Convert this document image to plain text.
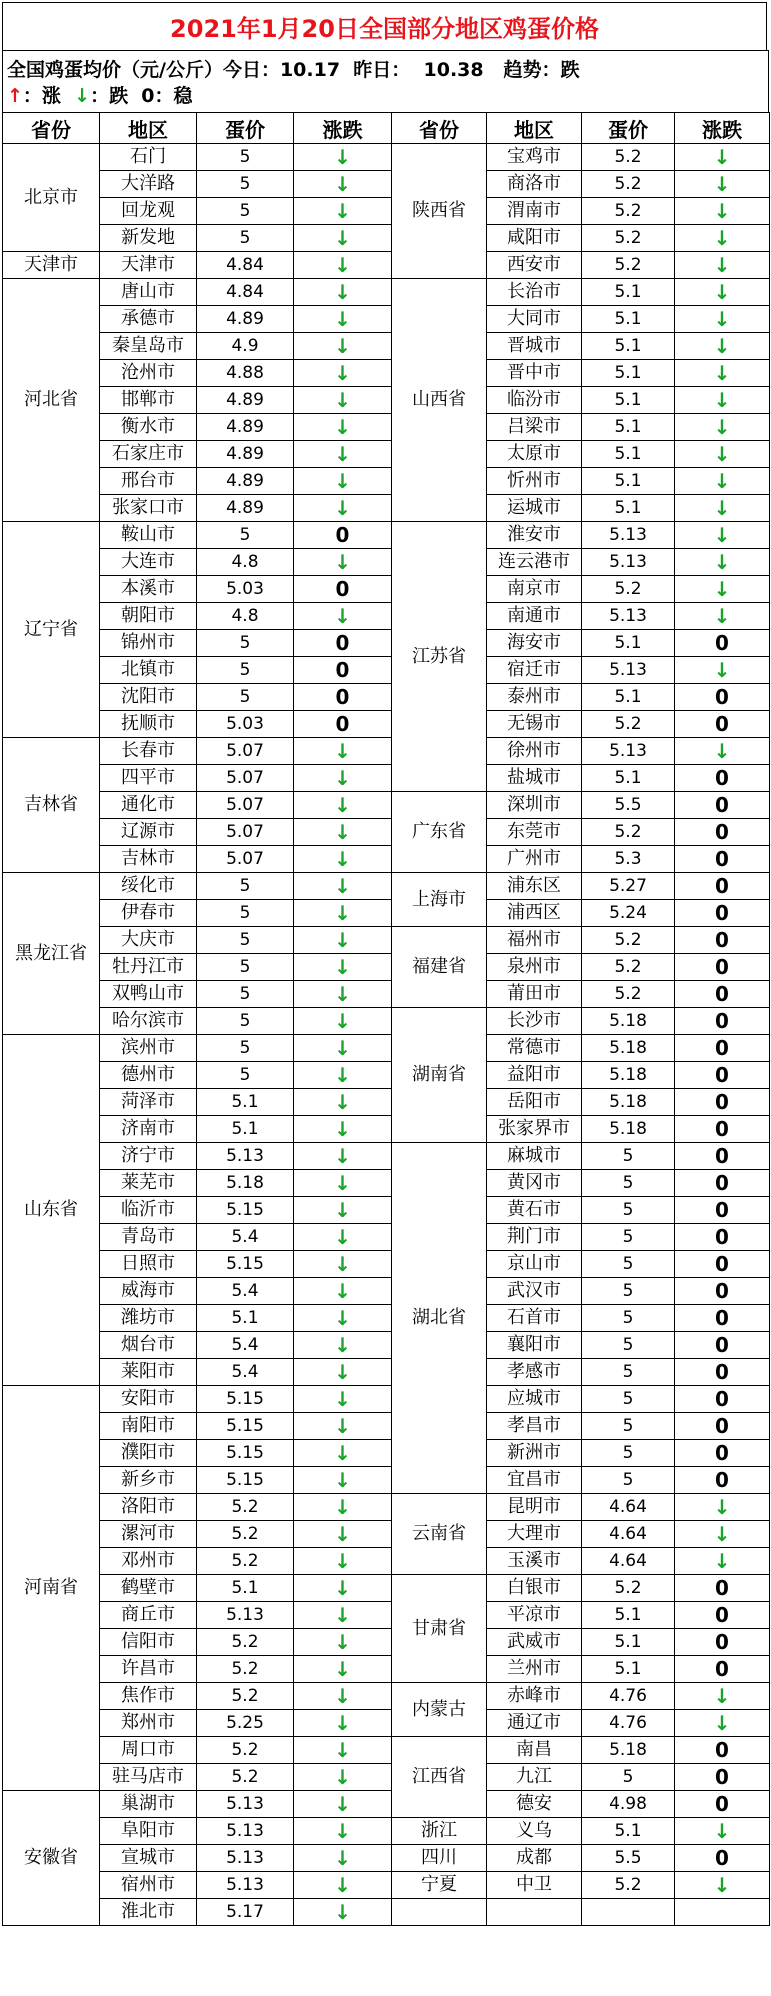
2021年1月20日全国部分地区鸡蛋价格
全国鸡蛋均价（元/公斤）今日：10.17  昨日：  10.38   趋势：跌
↑：涨  ↓：跌  0：稳
省份	地区	蛋价	涨跌	省份	地区	蛋价	涨跌
北京市	石门	5	↓	陕西省	宝鸡市	5.2	↓
	大洋路	5	↓		商洛市	5.2	↓
	回龙观	5	↓		渭南市	5.2	↓
	新发地	5	↓		咸阳市	5.2	↓
天津市	天津市	4.84	↓		西安市	5.2	↓
河北省	唐山市	4.84	↓	山西省	长治市	5.1	↓
	承德市	4.89	↓		大同市	5.1	↓
	秦皇岛市	4.9	↓		晋城市	5.1	↓
	沧州市	4.88	↓		晋中市	5.1	↓
	邯郸市	4.89	↓		临汾市	5.1	↓
	衡水市	4.89	↓		吕梁市	5.1	↓
	石家庄市	4.89	↓		太原市	5.1	↓
	邢台市	4.89	↓		忻州市	5.1	↓
	张家口市	4.89	↓		运城市	5.1	↓
辽宁省	鞍山市	5	0	江苏省	淮安市	5.13	↓
	大连市	4.8	↓		连云港市	5.13	↓
	本溪市	5.03	0		南京市	5.2	↓
	朝阳市	4.8	↓		南通市	5.13	↓
	锦州市	5	0		海安市	5.1	0
	北镇市	5	0		宿迁市	5.13	↓
	沈阳市	5	0		泰州市	5.1	0
	抚顺市	5.03	0		无锡市	5.2	0
吉林省	长春市	5.07	↓		徐州市	5.13	↓
	四平市	5.07	↓		盐城市	5.1	0
	通化市	5.07	↓	广东省	深圳市	5.5	0
	辽源市	5.07	↓		东莞市	5.2	0
	吉林市	5.07	↓		广州市	5.3	0
黑龙江省	绥化市	5	↓	上海市	浦东区	5.27	0
	伊春市	5	↓		浦西区	5.24	0
	大庆市	5	↓	福建省	福州市	5.2	0
	牡丹江市	5	↓		泉州市	5.2	0
	双鸭山市	5	↓		莆田市	5.2	0
	哈尔滨市	5	↓	湖南省	长沙市	5.18	0
山东省	滨州市	5	↓		常德市	5.18	0
	德州市	5	↓		益阳市	5.18	0
	菏泽市	5.1	↓		岳阳市	5.18	0
	济南市	5.1	↓		张家界市	5.18	0
	济宁市	5.13	↓	湖北省	麻城市	5	0
	莱芜市	5.18	↓		黄冈市	5	0
	临沂市	5.15	↓		黄石市	5	0
	青岛市	5.4	↓		荆门市	5	0
	日照市	5.15	↓		京山市	5	0
	威海市	5.4	↓		武汉市	5	0
	潍坊市	5.1	↓		石首市	5	0
	烟台市	5.4	↓		襄阳市	5	0
	莱阳市	5.4	↓		孝感市	5	0
河南省	安阳市	5.15	↓		应城市	5	0
	南阳市	5.15	↓		孝昌市	5	0
	濮阳市	5.15	↓		新洲市	5	0
	新乡市	5.15	↓		宜昌市	5	0
	洛阳市	5.2	↓	云南省	昆明市	4.64	↓
	漯河市	5.2	↓		大理市	4.64	↓
	邓州市	5.2	↓		玉溪市	4.64	↓
	鹤壁市	5.1	↓	甘肃省	白银市	5.2	0
	商丘市	5.13	↓		平凉市	5.1	0
	信阳市	5.2	↓		武威市	5.1	0
	许昌市	5.2	↓		兰州市	5.1	0
	焦作市	5.2	↓	内蒙古	赤峰市	4.76	↓
	郑州市	5.25	↓		通辽市	4.76	↓
	周口市	5.2	↓	江西省	南昌	5.18	0
	驻马店市	5.2	↓		九江	5	0
安徽省	巢湖市	5.13	↓		德安	4.98	0
	阜阳市	5.13	↓	浙江	义乌	5.1	↓
	宣城市	5.13	↓	四川	成都	5.5	0
	宿州市	5.13	↓	宁夏	中卫	5.2	↓
	淮北市	5.17	↓				
